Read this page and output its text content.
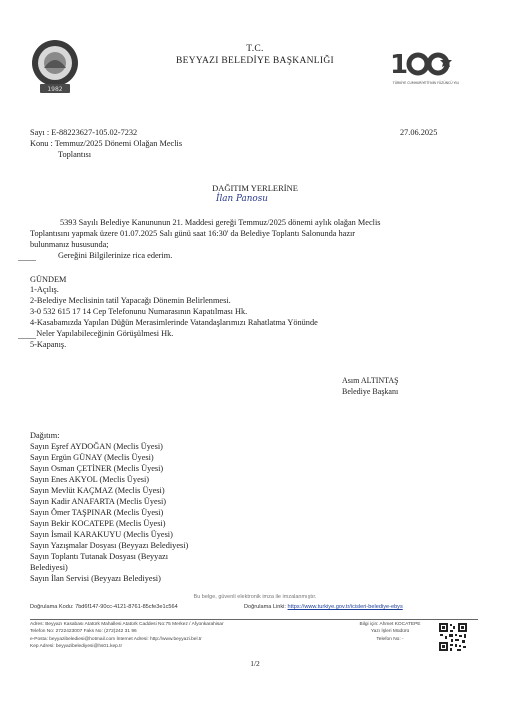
1982
1
TÜRKİYE CUMHURİYETİ'NİN YÜZÜNCÜ YILI
T.C.
BEYYAZI BELEDİYE BAŞKANLIĞI
Sayı : E-88223627-105.02-7232
Konu : Temmuz/2025 Dönemi Olağan Meclis
Toplantısı
27.06.2025
DAĞITIM YERLERİNE
İlan Panosu
5393 Sayılı Belediye Kanununun 21. Maddesi gereği Temmuz/2025 dönemi aylık olağan Meclis
Toplantısını yapmak üzere 01.07.2025 Salı günü saat 16:30' da Belediye Toplantı Salonunda hazır
bulunmanız hususunda;
Gereğini Bilgilerinize rica ederim.
GÜNDEM
1-Açılış.
2-Belediye Meclisinin tatil Yapacağı Dönemin Belirlenmesi.
3-0 532 615 17 14 Cep Telefonunu Numarasının Kapatılması Hk.
4-Kasabamızda Yapılan Düğün Merasimlerinde Vatandaşlarımızı Rahatlatma Yönünde
Neler Yapılabileceğinin Görüşülmesi Hk.
5-Kapanış.
Asım ALTINTAŞ
Belediye Başkanı
Dağıtım:
Sayın Eşref AYDOĞAN (Meclis Üyesi)
Sayın Ergün GÜNAY (Meclis Üyesi)
Sayın Osman ÇETİNER (Meclis Üyesi)
Sayın Enes AKYOL (Meclis Üyesi)
Sayın Mevlüt KAÇMAZ (Meclis Üyesi)
Sayın Kadir ANAFARTA (Meclis Üyesi)
Sayın Ömer TAŞPINAR (Meclis Üyesi)
Sayın Bekir KOCATEPE (Meclis Üyesi)
Sayın İsmail KARAKUYU (Meclis Üyesi)
Sayın Yazışmalar Dosyası (Beyyazı Belediyesi)
Sayın Toplantı Tutanak Dosyası (Beyyazı
Belediyesi)
Sayın İlan Servisi (Beyyazı Belediyesi)
Bu belge, güvenli elektronik imza ile imzalanmıştır.
Doğrulama Kodu: 7bd6f147-90cc-4121-8761-85cfe3e1c564	Doğrulama Linki: https://www.turkiye.gov.tr/icisleri-belediye-ebys
Adres: Beyyazı Kasabası Atatürk Mahallesi Atatürk Caddesi No:75 Merkez / Afyonkarahisar
Telefon No: 2722423007 Faks No: (272)242 31 96
e-Posta: beyyazibelediesi@hotmail.com İnternet Adresi: http://www.beyyazi.bel.tr
Kep Adresi: beyyazibelediyesi@hs01.kep.tr
Bilgi için: Ahmet KOCATEPE
Yazı İşleri Müdürü
Telefon No: -
1/2
